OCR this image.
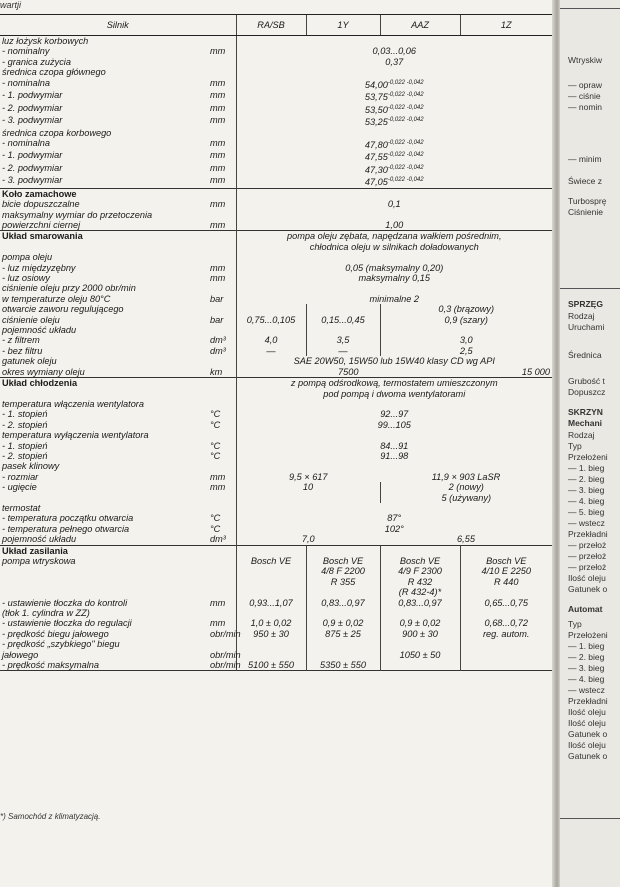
wartji
Silnik		RA/SB	1Y	AAZ	1Z
luz łożysk korbowych					
- nominalny	mm	0,03...0,06			
- granica zużycia		0,37			
średnica czopa głównego					
- nominalna	mm	$54,00^{-0,022 -0,042}$
- 1. podwymiar	mm	$53,75^{-0,022 -0,042}$
- 2. podwymiar	mm	$53,50^{-0,022 -0,042}$
- 3. podwymiar	mm	$53,25^{-0,022 -0,042}$
średnica czopa korbowego					
- nominalna	mm	$47,80^{-0,022 -0,042}$
- 1. podwymiar	mm	$47,55^{-0,022 -0,042}$
- 2. podwymiar	mm	$47,30^{-0,022 -0,042}$
- 3. podwymiar	mm	$47,05^{-0,022 -0,042}$
Koło zamachowe					
bicie dopuszczalne	mm	0,1			
maksymalny wymiar do przetoczenia					
powierzchni ciernej	mm	1,00			
Układ smarowania		pompa oleju zębata, napędzana wałkiem pośrednim,			
		chłodnica oleju w silnikach doładowanych			
pompa oleju					
- luz międzyzębny	mm	0,05 (maksymalny 0,20)			
- luz osiowy	mm	maksymalny 0,15			
ciśnienie oleju przy 2000 obr/min					
w temperaturze oleju 80°C	bar	minimalne 2			
otwarcie zaworu regulującego				0,3 (brązowy)	
ciśnienie oleju	bar	0,75...0,105	0,15...0,45	0,9 (szary)	
pojemność układu					
- z filtrem	dm³	4,0	3,5	3,0	
- bez filtru	dm³	—	—	2,5	
gatunek oleju		SAE 20W50, 15W50 lub 15W40 klasy CD wg API			
okres wymiany oleju	km	7500			15 000
Układ chłodzenia		z pompą odśrodkową, termostatem umieszczonym			
		pod pompą i dwoma wentylatorami			
temperatura włączenia wentylatora					
- 1. stopień	°C	92...97			
- 2. stopień	°C	99...105			
temperatura wyłączenia wentylatora					
- 1. stopień	°C	84...91			
- 2. stopień	°C	91...98			
pasek klinowy					
- rozmiar	mm	9,5 × 617		11,9 × 903 LaSR	
- ugięcie	mm	10		2 (nowy)	
				5 (używany)	
termostat					
- temperatura początku otwarcia	°C	87°			
- temperatura pełnego otwarcia	°C	102°			
pojemność układu	dm³	7,0		6,55	
Układ zasilania					
pompa wtryskowa		Bosch VE	Bosch VE	Bosch VE	Bosch VE
			4/8 F 2200	4/9 F 2300	4/10 E 2250
			R 355	R 432	R 440
				(R 432-4)*	
- ustawienie tłoczka do kontroli	mm	0,93...1,07	0,83...0,97	0,83...0,97	0,65...0,75
(tłok 1. cylindra w ZZ)					
- ustawienie tłoczka do regulacji	mm	1,0 ± 0,02	0,9 ± 0,02	0,9 ± 0,02	0,68...0,72
- prędkość biegu jałowego	obr/min	950 ± 30	875 ± 25	900 ± 30	reg. autom.
- prędkość „szybkiego" biegu					
jałowego	obr/min			1050 ± 50	
- prędkość maksymalna	obr/min	5100 ± 550	5350 ± 550		
*) Samochód z klimatyzacją.
Wtryskiw
— opraw
— ciśnie
— nomin
— minim
Świece z
Turbosprę
Ciśnienie
SPRZĘG
Rodzaj
Uruchami
Średnica
Grubość t
Dopuszcz
SKRZYN
Mechani
Rodzaj
Typ
Przełożeni
— 1. bieg
— 2. bieg
— 3. bieg
— 4. bieg
— 5. bieg
— wstecz
Przekładni
— przełoż
— przełoż
— przełoż
Ilość oleju
Gatunek o
Automat
Typ
Przełożeni
— 1. bieg
— 2. bieg
— 3. bieg
— 4. bieg
— wstecz
Przekładni
Ilość oleju
Ilość oleju
Gatunek o
Ilość oleju
Gatunek o
